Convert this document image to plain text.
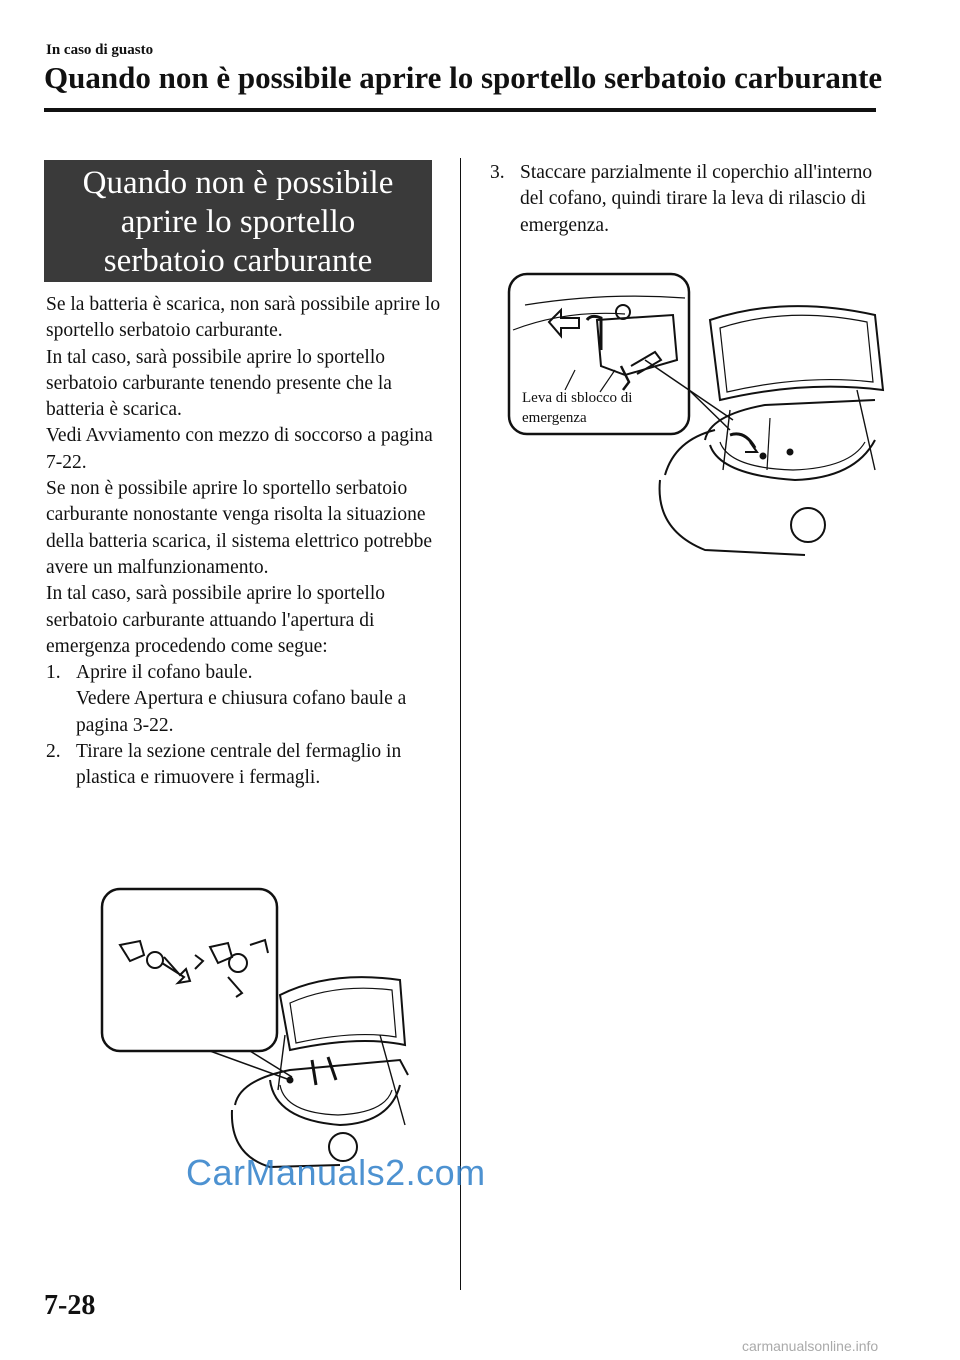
In caso di guasto
Quando non è possibile aprire lo sportello serbatoio carburante
Quando non è possibile
aprire lo sportello
serbatoio carburante

Se la batteria è scarica, non sarà possibile aprire lo sportello serbatoio carburante.

In tal caso, sarà possibile aprire lo sportello serbatoio carburante tenendo presente che la batteria è scarica.

Vedi Avviamento con mezzo di soccorso a pagina 7-22.

Se non è possibile aprire lo sportello serbatoio carburante nonostante venga risolta la situazione della batteria scarica, il sistema elettrico potrebbe avere un malfunzionamento.

In tal caso, sarà possibile aprire lo sportello serbatoio carburante attuando l'apertura di emergenza procedendo come segue:

1. Aprire il cofano baule.
Vedere Apertura e chiusura cofano baule a pagina 3-22.
2. Tirare la sezione centrale del fermaglio in plastica e rimuovere i fermagli.
3. Staccare parzialmente il coperchio all'interno del cofano, quindi tirare la leva di rilascio di emergenza.
Leva di sblocco di
emergenza
CarManuals2.com
7-28
carmanualsonline.info
